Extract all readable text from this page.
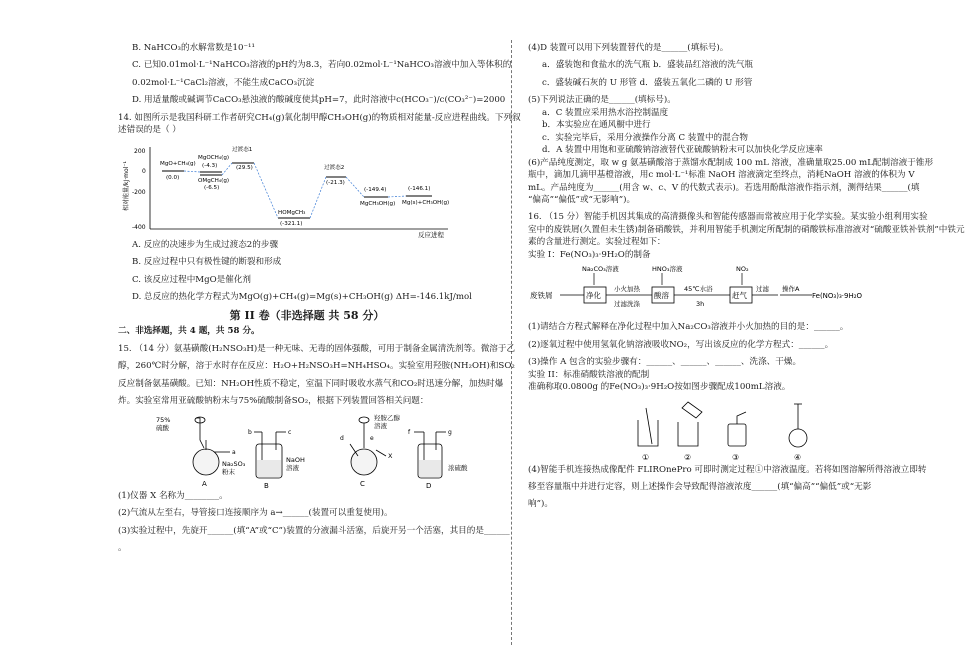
B. NaHCO₃的水解常数是10⁻¹¹
C. 已知0.01mol·L⁻¹NaHCO₃溶液的pH约为8.3，若向0.02mol·L⁻¹NaHCO₃溶液中加入等体积的
0.02mol·L⁻¹CaCl₂溶液，不能生成CaCO₃沉淀
D. 用适量酸或碱调节CaCO₃悬浊液的酸碱度使其pH=7，此时溶液中c(HCO₃⁻)/c(CO₃²⁻)=2000
14. 如图所示是我国科研工作者研究CH₄(g)氧化制甲醇CH₃OH(g)的物质相对能量-反应进程曲线。下列叙
述错误的是（ ）
相对能量/kJ·mol⁻¹
反应进程
200
0
-200
-400
MgO+CH₄(g)
(0.0)
MgOCH₄(g)
(-4.3)
OMgCH₄(g)
(-6.5)
过渡态1
(29.5)
HOMgCH₃
(-321.1)
过渡态2
(-21.3)
MgCH₃OH(g)
(-149.4)
Mg(s)+CH₃OH(g)
(-146.1)
A. 反应的决速步为生成过渡态2的步骤
B. 反应过程中只有极性键的断裂和形成
C. 该反应过程中MgO是催化剂
D. 总反应的热化学方程式为MgO(g)+CH₄(g)=Mg(s)+CH₃OH(g) ΔH=-146.1kJ/mol
第 II 卷（非选择题 共 58 分）
二、非选择题，共 4 题，共 58 分。
15. （14 分）氨基磺酸(H₂NSO₃H)是一种无味、无毒的固体强酸，可用于制备金属清洗剂等。微溶于乙
醇，260℃时分解，溶于水时存在反应：H₂O+H₂NSO₃H=NH₄HSO₄。实验室用羟胺(NH₂OH)和SO₂
反应制备氨基磺酸。已知：NH₂OH性质不稳定，室温下同时吸收水蒸气和CO₂时迅速分解，加热时爆
炸。实验室常用亚硫酸钠粉末与75%硫酸制备SO₂，根据下列装置回答相关问题：
75%
硫酸
Na₂SO₃
粉末
A
a
b	c
NaOH
溶液
B
羟胺乙醇
溶液
X
d	e
C
f	g
浓硫酸
D
(1)仪器 X 名称为________。
(2)气流从左至右，导管接口连接顺序为 a→______(装置可以重复使用)。
(3)实验过程中，先旋开______(填“A”或“C”)装置的分液漏斗活塞，后旋开另一个活塞，其目的是______
。
(4)D 装置可以用下列装置替代的是______(填标号)。
a．盛装饱和食盐水的洗气瓶 b．盛装品红溶液的洗气瓶
c．盛装碱石灰的 U 形管 d．盛装五氧化二磷的 U 形管
(5)下列说法正确的是______(填标号)。
a．C 装置应采用热水浴控制温度
b．本实验应在通风橱中进行
c．实验完毕后，采用分液操作分离 C 装置中的混合物
d．A 装置中用饱和亚硫酸钠溶液替代亚硫酸钠粉末可以加快化学反应速率
(6)产品纯度测定，取 w g 氨基磺酸溶于蒸馏水配制成 100 mL 溶液，准确量取25.00 mL配制溶液于锥形
瓶中，滴加几滴甲基橙溶液，用c mol·L⁻¹标准 NaOH 溶液滴定至终点，消耗NaOH 溶液的体积为 V
mL。产品纯度为______(用含 w、c、V 的代数式表示)。若选用酚酞溶液作指示剂，测得结果______(填
“偏高”“偏低”或“无影响”)。
16. （15 分）智能手机因其集成的高清摄像头和智能传感器而常被应用于化学实验。某实验小组利用实验
室中的废铁屑(久置但未生锈)制备硝酸铁，并利用智能手机测定所配制的硝酸铁标准溶液对“硫酸亚铁补铁剂”中铁元
素的含量进行测定。实验过程如下：
实验 I：Fe(NO₃)₃·9H₂O的制备
Na₂CO₃溶液	HNO₃溶液	NO₂
废铁屑	净化
小火加热
过滤洗涤
酸溶
45℃水浴
3h
赶气
过滤 操作A
Fe(NO₃)₃·9H₂O
(1)请结合方程式解释在净化过程中加入Na₂CO₃溶液并小火加热的目的是：______。
(2)逐氧过程中使用氢氧化钠溶液吸收NO₂，写出该反应的化学方程式：______。
(3)操作 A 包含的实验步骤有：______、______、______、洗涤、干燥。
实验 II：标准硝酸铁溶液的配制
准确称取0.0800g 的Fe(NO₃)₃·9H₂O按如图步骤配成100mL溶液。
①	②	③	④
(4)智能手机连接热成像配件 FLIROnePro 可即时测定过程①中溶液温度。若将如图溶解所得溶液立即转
移至容量瓶中并进行定容，则上述操作会导致配得溶液浓度______(填“偏高”“偏低”或“无影
响”)。
